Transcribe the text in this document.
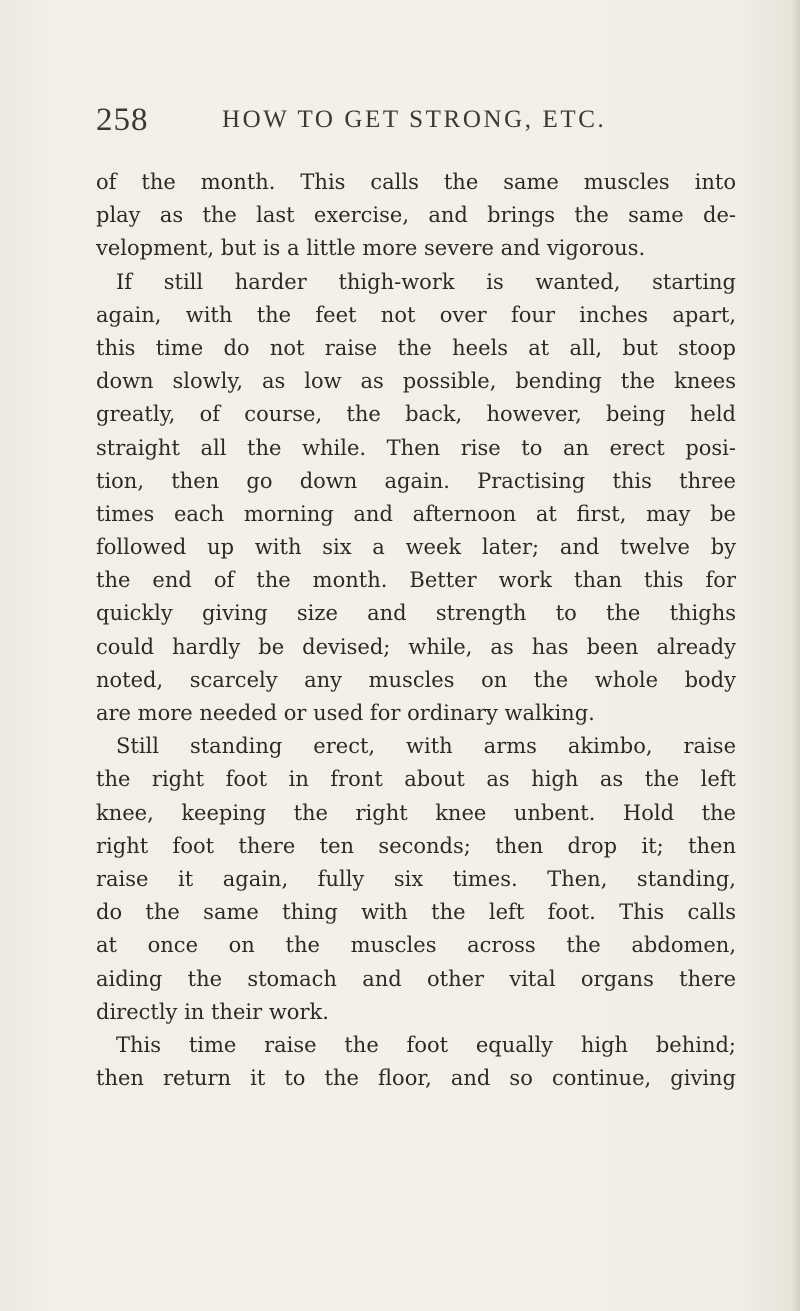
258	HOW TO GET STRONG, ETC.
of the month. This calls the same muscles into
play as the last exercise, and brings the same de-
velopment, but is a little more severe and vigorous.
If still harder thigh-work is wanted, starting
again, with the feet not over four inches apart,
this time do not raise the heels at all, but stoop
down slowly, as low as possible, bending the knees
greatly, of course, the back, however, being held
straight all the while. Then rise to an erect posi-
tion, then go down again. Practising this three
times each morning and afternoon at first, may be
followed up with six a week later; and twelve by
the end of the month. Better work than this for
quickly giving size and strength to the thighs
could hardly be devised; while, as has been already
noted, scarcely any muscles on the whole body
are more needed or used for ordinary walking.
Still standing erect, with arms akimbo, raise
the right foot in front about as high as the left
knee, keeping the right knee unbent. Hold the
right foot there ten seconds; then drop it; then
raise it again, fully six times. Then, standing,
do the same thing with the left foot. This calls
at once on the muscles across the abdomen,
aiding the stomach and other vital organs there
directly in their work.
This time raise the foot equally high behind;
then return it to the floor, and so continue, giving
